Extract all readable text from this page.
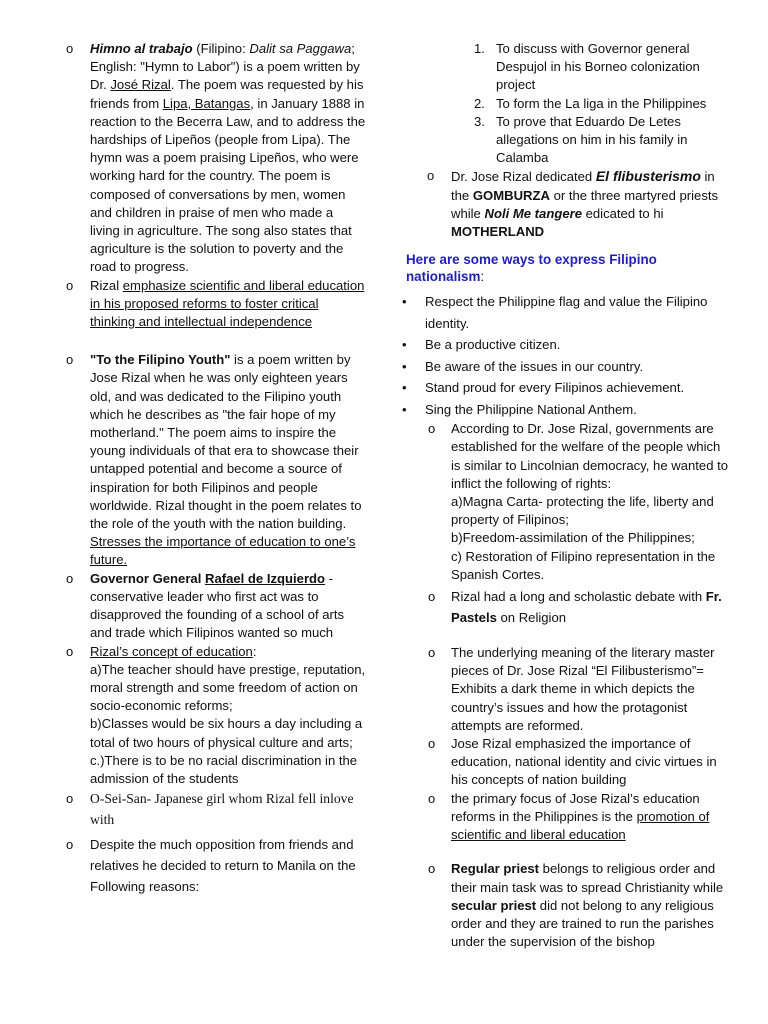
o
Himno al trabajo (Filipino: Dalit sa Paggawa; English: "Hymn to Labor") is a poem written by Dr. José Rizal. The poem was requested by his friends from Lipa, Batangas, in January 1888 in reaction to the Becerra Law, and to address the hardships of Lipeños (people from Lipa). The hymn was a poem praising Lipeños, who were working hard for the country. The poem is composed of conversations by men, women and children in praise of men who made a living in agriculture. The song also states that agriculture is the solution to poverty and the road to progress.
o
Rizal emphasize scientific and liberal education in his proposed reforms to foster critical thinking and intellectual independence
o
"To the Filipino Youth" is a poem written by Jose Rizal when he was only eighteen years old, and was dedicated to the Filipino youth which he describes as "the fair hope of my motherland." The poem aims to inspire the young individuals of that era to showcase their untapped potential and become a source of inspiration for both Filipinos and people worldwide. Rizal thought in the poem relates to the role of the youth with the nation building. Stresses the importance of education to one’s future.
o
Governor General Rafael de Izquierdo - conservative leader who first act was to disapproved the founding of a school of arts and trade which Filipinos wanted so much
o
Rizal’s concept of education:
a)The teacher should have prestige, reputation, moral strength and some freedom of action on socio-economic reforms;
b)Classes would be six hours a day including a total of two hours of physical culture and arts;
c.)There is to be no racial discrimination in the admission of the students
o
O-Sei-San- Japanese girl whom Rizal fell inlove with
o
Despite the much opposition from friends and relatives he decided to return to Manila on the Following reasons:
1. To discuss with Governor general Despujol in his Borneo colonization project
2. To form the La liga in the Philippines
3. To prove that Eduardo De Letes allegations on him in his family in Calamba
o
Dr. Jose Rizal dedicated El flibusterismo in the GOMBURZA or the three martyred priests while Noli Me tangere edicated to hi MOTHERLAND
Here are some ways to express Filipino nationalism:
• Respect the Philippine flag and value the Filipino identity.
• Be a productive citizen.
• Be aware of the issues in our country.
• Stand proud for every Filipinos achievement.
• Sing the Philippine National Anthem.
o
According to Dr. Jose Rizal, governments are established for the welfare of the people which is similar to Lincolnian democracy, he wanted to inflict the following of rights:
a)Magna Carta- protecting the life, liberty and property of Filipinos;
b)Freedom-assimilation of the Philippines;
c) Restoration of Filipino representation in the Spanish Cortes.
o
Rizal had a long and scholastic debate with Fr. Pastels on Religion
o
The underlying meaning of the literary master pieces of Dr. Jose Rizal “El Filibusterismo”= Exhibits a dark theme in which depicts the country’s issues and how the protagonist attempts are reformed.
o
Jose Rizal emphasized the importance of education, national identity and civic virtues in his concepts of nation building
o
the primary focus of Jose Rizal’s education reforms in the Philippines is the promotion of scientific and liberal education
o
Regular priest belongs to religious order and their main task was to spread Christianity while secular priest did not belong to any religious order and they are trained to run the parishes under the supervision of the bishop
